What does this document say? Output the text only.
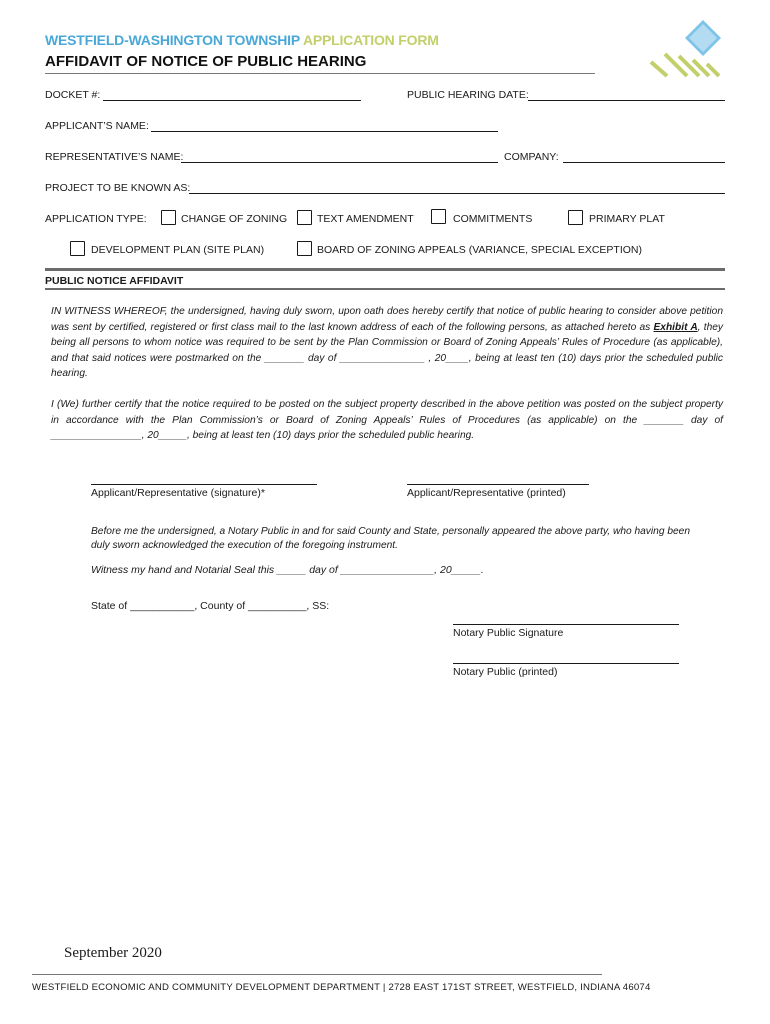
WESTFIELD-WASHINGTON TOWNSHIP APPLICATION FORM
AFFIDAVIT OF NOTICE OF PUBLIC HEARING
DOCKET #:	PUBLIC HEARING DATE:
APPLICANT’S NAME:
REPRESENTATIVE’S NAME:	COMPANY:
PROJECT TO BE KNOWN AS:
APPLICATION TYPE:	CHANGE OF ZONING	TEXT AMENDMENT	COMMITMENTS	PRIMARY PLAT
DEVELOPMENT PLAN (SITE PLAN)	BOARD OF ZONING APPEALS (VARIANCE, SPECIAL EXCEPTION)
PUBLIC NOTICE AFFIDAVIT
IN WITNESS WHEREOF, the undersigned, having duly sworn, upon oath does hereby certify that notice of public hearing to consider above petition was sent by certified, registered or first class mail to the last known address of each of the following persons, as attached hereto as Exhibit A, they being all persons to whom notice was required to be sent by the Plan Commission or Board of Zoning Appeals’ Rules of Procedure (as applicable), and that said notices were postmarked on the _______ day of _______________ , 20____, being at least ten (10) days prior the scheduled public hearing.
I (We) further certify that the notice required to be posted on the subject property described in the above petition was posted on the subject property in accordance with the Plan Commission’s or Board of Zoning Appeals’ Rules of Procedures (as applicable) on the _______ day of ________________, 20_____, being at least ten (10) days prior the scheduled public hearing.
Applicant/Representative (signature)*	Applicant/Representative (printed)
Before me the undersigned, a Notary Public in and for said County and State, personally appeared the above party, who having been duly sworn acknowledged the execution of the foregoing instrument.
Witness my hand and Notarial Seal this _____ day of ________________, 20_____.
State of ___________, County of __________, SS:
Notary Public Signature
Notary Public (printed)
September 2020
WESTFIELD ECONOMIC AND COMMUNITY DEVELOPMENT DEPARTMENT | 2728 EAST 171ST STREET, WESTFIELD, INDIANA 46074
